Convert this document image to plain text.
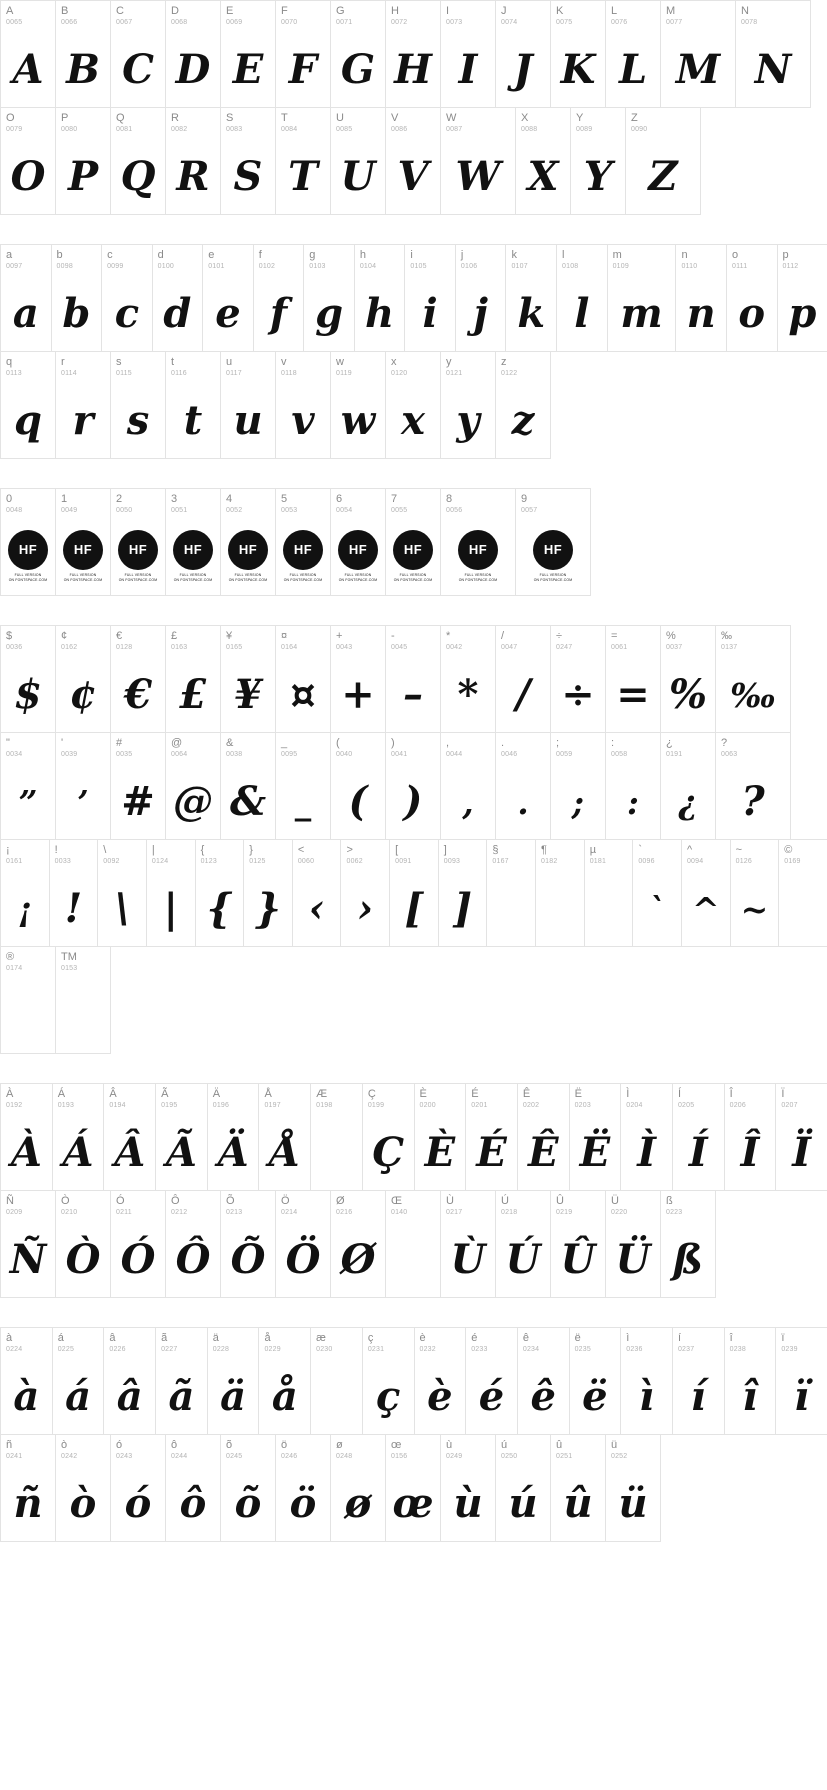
A
0065
A
B
0066
B
C
0067
C
D
0068
D
E
0069
E
F
0070
F
G
0071
G
H
0072
H
I
0073
I
J
0074
J
K
0075
K
L
0076
L
M
0077
M
N
0078
N
O
0079
O
P
0080
P
Q
0081
Q
R
0082
R
S
0083
S
T
0084
T
U
0085
U
V
0086
V
W
0087
W
X
0088
X
Y
0089
Y
Z
0090
Z
a
0097
a
b
0098
b
c
0099
c
d
0100
d
e
0101
e
f
0102
f
g
0103
g
h
0104
h
i
0105
i
j
0106
j
k
0107
k
l
0108
l
m
0109
m
n
0110
n
o
0111
o
p
0112
p
q
0113
q
r
0114
r
s
0115
s
t
0116
t
u
0117
u
v
0118
v
w
0119
w
x
0120
x
y
0121
y
z
0122
z
0
0048
HF
FULL VERSION
ON FONTSPACE.COM
1
0049
HF
FULL VERSION
ON FONTSPACE.COM
2
0050
HF
FULL VERSION
ON FONTSPACE.COM
3
0051
HF
FULL VERSION
ON FONTSPACE.COM
4
0052
HF
FULL VERSION
ON FONTSPACE.COM
5
0053
HF
FULL VERSION
ON FONTSPACE.COM
6
0054
HF
FULL VERSION
ON FONTSPACE.COM
7
0055
HF
FULL VERSION
ON FONTSPACE.COM
8
0056
HF
FULL VERSION
ON FONTSPACE.COM
9
0057
HF
FULL VERSION
ON FONTSPACE.COM
$
0036
$
¢
0162
¢
€
0128
€
£
0163
£
¥
0165
¥
¤
0164
¤
+
0043
+
-
0045
–
*
0042
*
/
0047
/
÷
0247
÷
=
0061
=
%
0037
%
‰
0137
‰
"
0034
”
'
0039
’
#
0035
#
@
0064
@
&
0038
&
_
0095
_
(
0040
(
)
0041
)
,
0044
,
.
0046
.
;
0059
;
:
0058
:
¿
0191
¿
?
0063
?
¡
0161
¡
!
0033
!
\
0092
\
|
0124
|
{
0123
{
}
0125
}
<
0060
‹
>
0062
›
[
0091
[
]
0093
]
§
0167
¶
0182
µ
0181
`
0096
`
^
0094
^
~
0126
~
©
0169
®
0174
TM
0153
À
0192
À
Á
0193
Á
Â
0194
Â
Ã
0195
Ã
Ä
0196
Ä
Å
0197
Å
Æ
0198
Ç
0199
Ç
È
0200
È
É
0201
É
Ê
0202
Ê
Ë
0203
Ë
Ì
0204
Ì
Í
0205
Í
Î
0206
Î
Ï
0207
Ï
Ñ
0209
Ñ
Ò
0210
Ò
Ó
0211
Ó
Ô
0212
Ô
Õ
0213
Õ
Ö
0214
Ö
Ø
0216
Ø
Œ
0140
Ù
0217
Ù
Ú
0218
Ú
Û
0219
Û
Ü
0220
Ü
ß
0223
ß
à
0224
à
á
0225
á
â
0226
â
ã
0227
ã
ä
0228
ä
å
0229
å
æ
0230
ç
0231
ç
è
0232
è
é
0233
é
ê
0234
ê
ë
0235
ë
ì
0236
ì
í
0237
í
î
0238
î
ï
0239
ï
ñ
0241
ñ
ò
0242
ò
ó
0243
ó
ô
0244
ô
õ
0245
õ
ö
0246
ö
ø
0248
ø
œ
0156
œ
ù
0249
ù
ú
0250
ú
û
0251
û
ü
0252
ü
